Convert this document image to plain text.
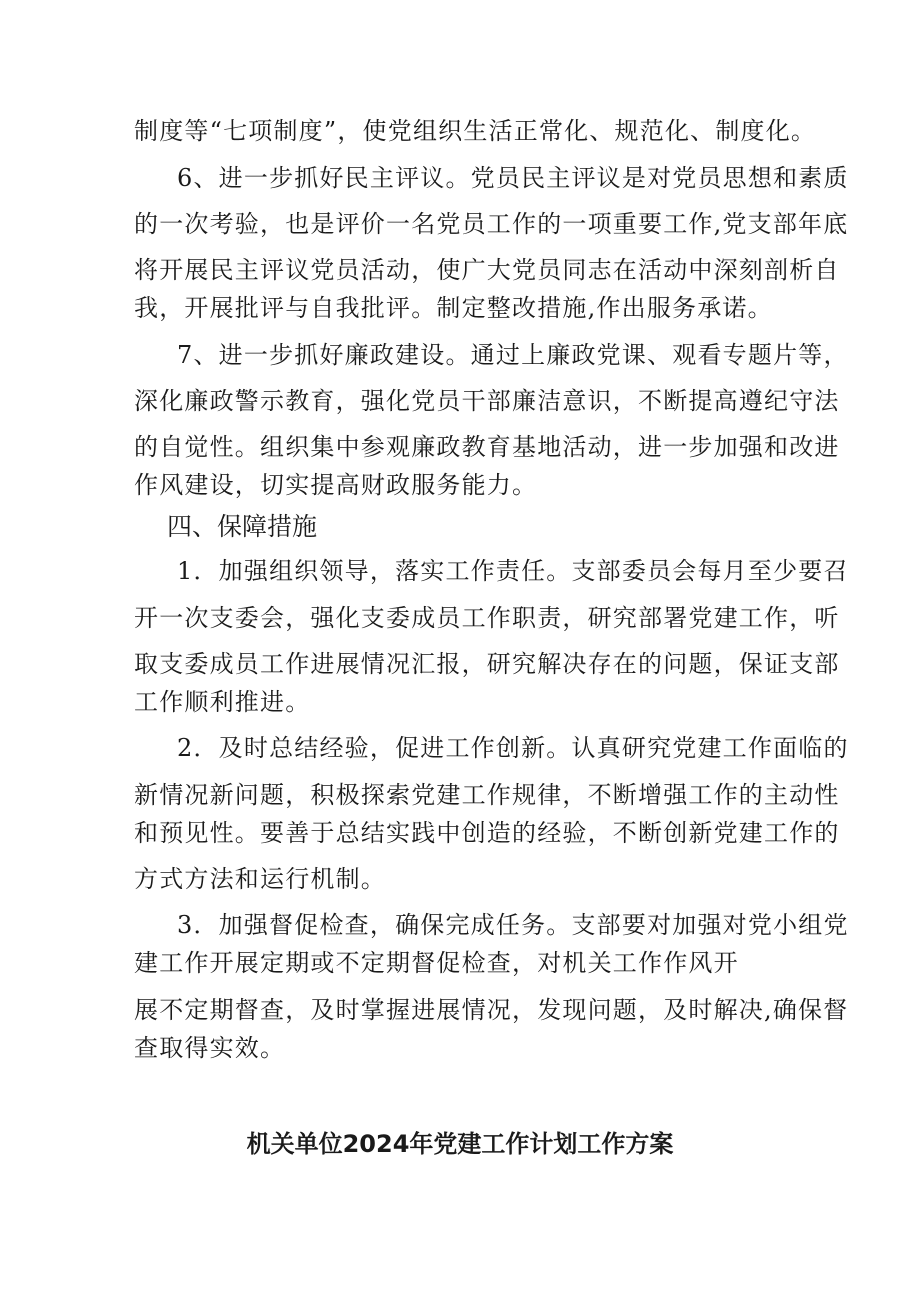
制度等“七项制度”，使党组织生活正常化、规范化、制度化。
6、进一步抓好民主评议。党员民主评议是对党员思想和素质
的一次考验，也是评价一名党员工作的一项重要工作,党支部年底
将开展民主评议党员活动，使广大党员同志在活动中深刻剖析自
我，开展批评与自我批评。制定整改措施,作出服务承诺。
7、进一步抓好廉政建设。通过上廉政党课、观看专题片等，
深化廉政警示教育，强化党员干部廉洁意识，不断提高遵纪守法
的自觉性。组织集中参观廉政教育基地活动，进一步加强和改进
作风建设，切实提高财政服务能力。
四、保障措施
1．加强组织领导，落实工作责任。支部委员会每月至少要召
开一次支委会，强化支委成员工作职责，研究部署党建工作，听
取支委成员工作进展情况汇报，研究解决存在的问题，保证支部
工作顺利推进。
2．及时总结经验，促进工作创新。认真研究党建工作面临的
新情况新问题，积极探索党建工作规律，不断增强工作的主动性
和预见性。要善于总结实践中创造的经验，不断创新党建工作的
方式方法和运行机制。
3．加强督促检查，确保完成任务。支部要对加强对党小组党
建工作开展定期或不定期督促检查，对机关工作作风开
展不定期督查，及时掌握进展情况，发现问题，及时解决,确保督
查取得实效。
机关单位2024年党建工作计划工作方案
